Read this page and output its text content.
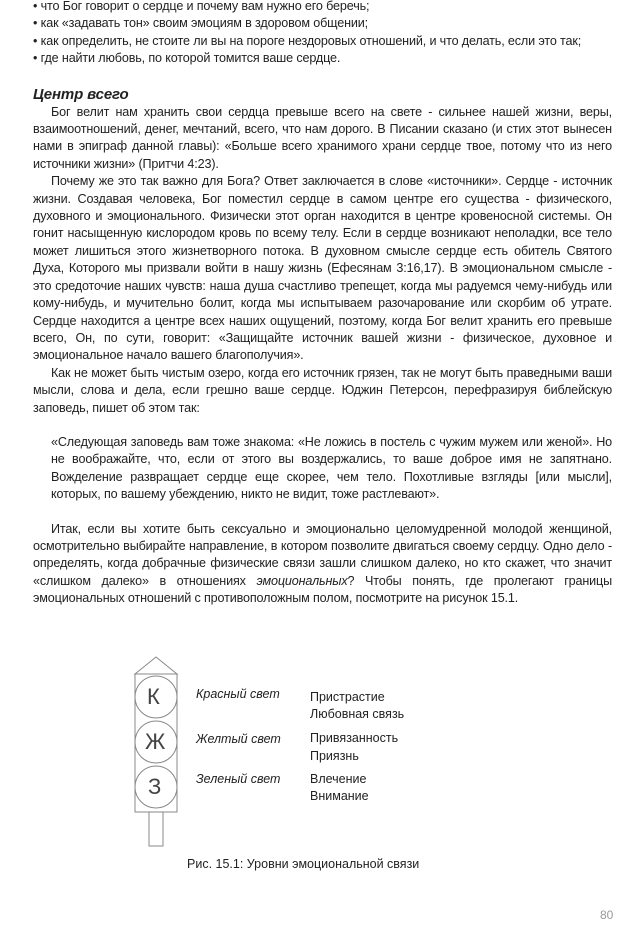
• что Бог говорит о сердце и почему вам нужно его беречь;

• как «задавать тон» своим эмоциям в здоровом общении;

• как определить, не стоите ли вы на пороге нездоровых отношений, и что делать, если это так;

• где найти любовь, по которой томится ваше сердце.

Центр всего

Бог велит нам хранить свои сердца превыше всего на свете - сильнее нашей жизни, веры, взаимоотношений, денег, мечтаний, всего, что нам дорого. В Писании сказано (и стих этот вынесен нами в эпиграф данной главы): «Больше всего хранимого храни сердце твое, потому что из него источники жизни» (Притчи 4:23).

Почему же это так важно для Бога? Ответ заключается в слове «источники». Сердце - источник жизни. Создавая человека, Бог поместил сердце в самом центре его существа - физического, духовного и эмоционального. Физически этот орган находится в центре кровеносной системы. Он гонит насыщенную кислородом кровь по всему телу. Если в сердце возникают неполадки, все тело может лишиться этого жизнетворного потока. В духовном смысле сердце есть обитель Святого Духа, Которого мы призвали войти в нашу жизнь (Ефесянам 3:16,17). В эмоциональном смысле - это средоточие наших чувств: наша душа счастливо трепещет, когда мы радуемся чему-нибудь или кому-нибудь, и мучительно болит, когда мы испытываем разочарование или скорбим об утрате. Сердце находится а центре всех наших ощущений, поэтому, когда Бог велит хранить его превыше всего, Он, по сути, говорит: «Защищайте источник вашей жизни - физическое, духовное и эмоциональное начало вашего благополучия».

Как не может быть чистым озеро, когда его источник грязен, так не могут быть праведными ваши мысли, слова и дела, если грешно ваше сердце. Юджин Петерсон, перефразируя библейскую заповедь, пишет об этом так:

«Следующая заповедь вам тоже знакома: «Не ложись в постель с чужим мужем или женой». Но не воображайте, что, если от этого вы воздержались, то ваше доброе имя не запятнано. Вожделение развращает сердце еще скорее, чем тело. Похотливые взгляды [или мысли], которых, по вашему убеждению, никто не видит, тоже растлевают».

Итак, если вы хотите быть сексуально и эмоционально целомудренной молодой женщиной, осмотрительно выбирайте направление, в котором позволите двигаться своему сердцу. Одно дело - определять, когда добрачные физические связи зашли слишком далеко, но кто скажет, что значит «слишком далеко» в отношениях эмоциональных? Чтобы понять, где пролегают границы эмоциональных отношений с противоположным полом, посмотрите на рисунок 15.1.

К
Ж
З
Красный свет Пристрастие
Любовная связь
Желтый свет Привязанность
Приязнь
Зеленый свет Влечение
Внимание
Рис. 15.1: Уровни эмоциональной связи
80
